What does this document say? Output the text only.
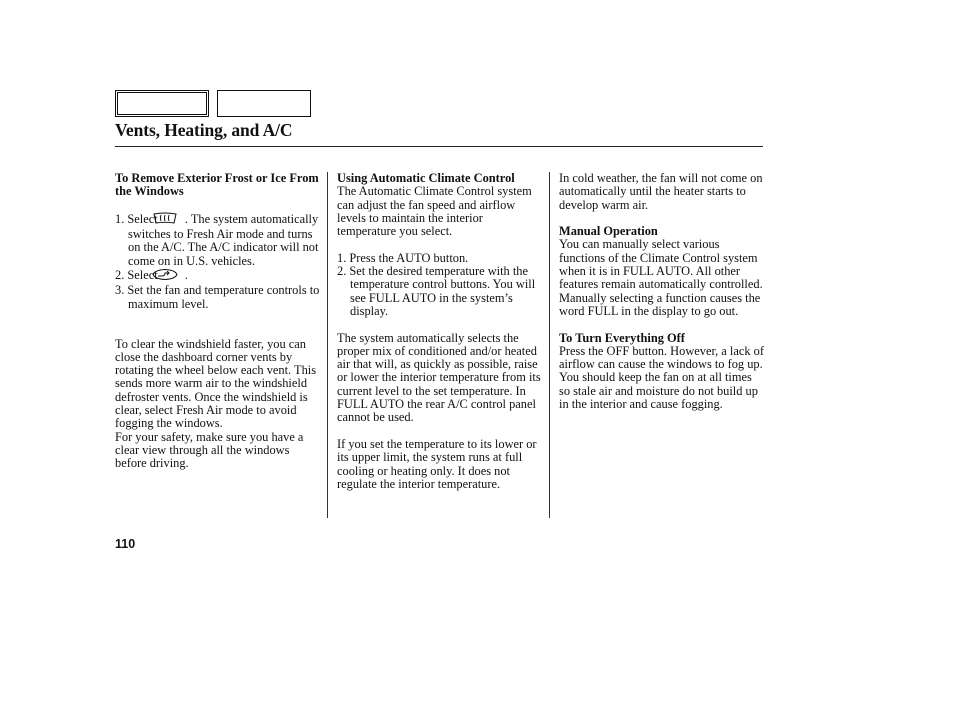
Vents, Heating, and A/C

To Remove Exterior Frost or Ice From the Windows

1. Select . The system automatically switches to Fresh Air mode and turns on the A/C. The A/C indicator will not come on in U.S. vehicles.

2. Select .

3. Set the fan and temperature controls to maximum level.

To clear the windshield faster, you can close the dashboard corner vents by rotating the wheel below each vent. This sends more warm air to the windshield defroster vents. Once the windshield is clear, select Fresh Air mode to avoid fogging the windows.

For your safety, make sure you have a clear view through all the windows before driving.

Using Automatic Climate Control

The Automatic Climate Control system can adjust the fan speed and airflow levels to maintain the interior temperature you select.

1. Press the AUTO button.

2. Set the desired temperature with the temperature control buttons. You will see FULL AUTO in the system’s display.

The system automatically selects the proper mix of conditioned and/or heated air that will, as quickly as possible, raise or lower the interior temperature from its current level to the set temperature. In FULL AUTO the rear A/C control panel cannot be used.

If you set the temperature to its lower or its upper limit, the system runs at full cooling or heating only. It does not regulate the interior temperature.

In cold weather, the fan will not come on automatically until the heater starts to develop warm air.

Manual Operation

You can manually select various functions of the Climate Control system when it is in FULL AUTO. All other features remain automatically controlled.

Manually selecting a function causes the word FULL in the display to go out.

To Turn Everything Off

Press the OFF button. However, a lack of airflow can cause the windows to fog up. You should keep the fan on at all times so stale air and moisture do not build up in the interior and cause fogging.

110
